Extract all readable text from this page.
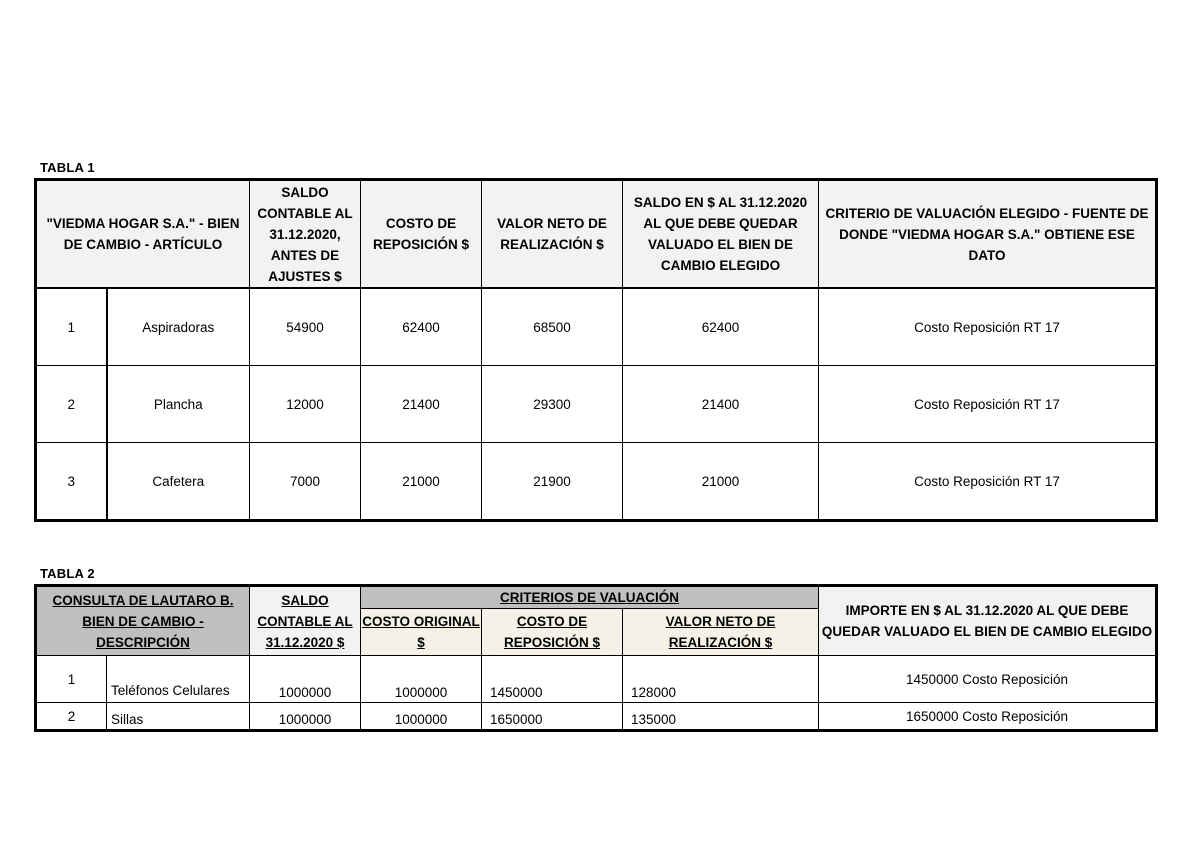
TABLA 1
"VIEDMA HOGAR S.A." - BIEN DE CAMBIO - ARTÍCULO		SALDO CONTABLE AL 31.12.2020, ANTES DE AJUSTES $	COSTO DE REPOSICIÓN $	VALOR NETO DE REALIZACIÓN $	SALDO EN $ AL 31.12.2020 AL QUE DEBE QUEDAR VALUADO EL BIEN DE CAMBIO ELEGIDO	CRITERIO DE VALUACIÓN ELEGIDO - FUENTE DE DONDE "VIEDMA HOGAR S.A." OBTIENE ESE DATO
1	Aspiradoras	54900	62400	68500	62400	Costo Reposición RT 17
2	Plancha	12000	21400	29300	21400	Costo Reposición RT 17
3	Cafetera	7000	21000	21900	21000	Costo Reposición RT 17
TABLA 2
CONSULTA DE LAUTARO B. BIEN DE CAMBIO - DESCRIPCIÓN		SALDO CONTABLE AL 31.12.2020 $	CRITERIOS DE VALUACIÓN			IMPORTE EN $ AL 31.12.2020 AL QUE DEBE QUEDAR VALUADO EL BIEN DE CAMBIO ELEGIDO
			COSTO ORIGINAL $	COSTO DE REPOSICIÓN $	VALOR NETO DE REALIZACIÓN $	
1	Teléfonos Celulares	1000000	1000000	1450000	128000	1450000 Costo Reposición
2	Sillas	1000000	1000000	1650000	135000	1650000 Costo Reposición
